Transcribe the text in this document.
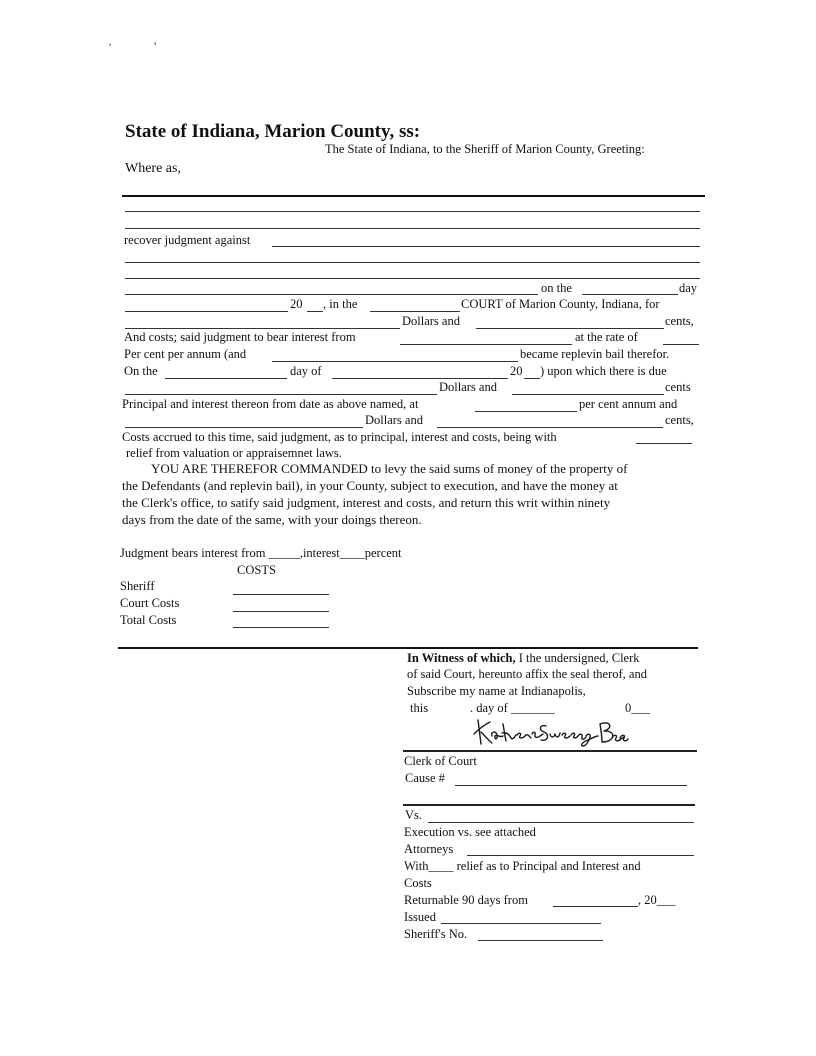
·	'
State of Indiana, Marion County, ss:
The State of Indiana, to the Sheriff of Marion County, Greeting:
Where as,
recover judgment against
on the	day
20 , in the	COURT of Marion County, Indiana, for
Dollars and	cents,
And costs; said judgment to bear interest from	at the rate of
Per cent per annum (and	became replevin bail therefor.
On the	day of	20 ) upon which there is due
Dollars and	cents
Principal and interest thereon from date as above named, at	per cent annum and
Dollars and	cents,
Costs accrued to this time, said judgment, as to principal, interest and costs, being with
relief from valuation or appraisemnet laws.
YOU ARE THEREFOR COMMANDED to levy the said sums of money of the property of
the Defendants (and replevin bail), in your County, subject to execution, and have the money at
the Clerk's office, to satify said judgment, interest and costs, and return this writ within ninety
days from the date of the same, with your doings thereon.
Judgment bears interest from _____,interest____percent
COSTS
Sheriff
Court Costs
Total Costs
In Witness of which, I the undersigned, Clerk
of said Court, hereunto affix the seal therof, and
Subscribe my name at Indianapolis,
this	. day of _______	0___
Clerk of Court
Cause #
Vs.
Execution vs. see attached
Attorneys
With____ relief as to Principal and Interest and
Costs
Returnable 90 days from	, 20___
Issued
Sheriff's No.
